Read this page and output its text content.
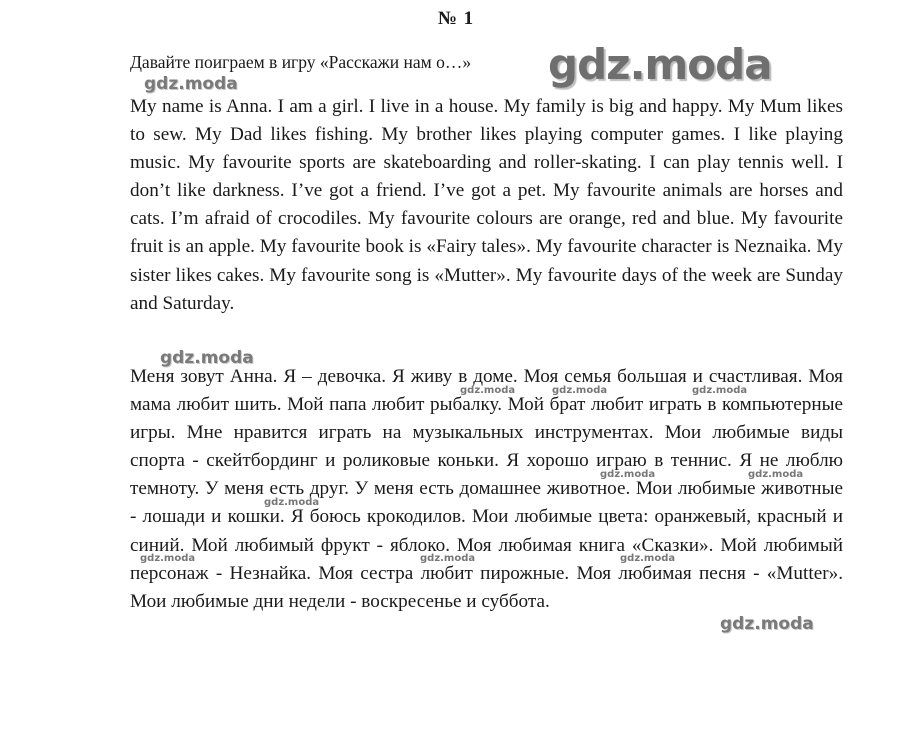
№ 1
Давайте поиграем в игру «Расскажи нам о…»
My name is Anna. I am a girl. I live in a house. My family is big and happy. My Mum likes to sew. My Dad likes fishing. My brother likes playing computer games. I like playing music. My favourite sports are skateboarding and roller-skating. I can play tennis well. I don’t like darkness. I’ve got a friend. I’ve got a pet. My favourite animals are horses and cats. I’m afraid of crocodiles. My favourite colours are orange, red and blue. My favourite fruit is an apple. My favourite book is «Fairy tales». My favourite character is Neznaika. My sister likes cakes. My favourite song is «Mutter». My favourite days of the week are Sunday and Saturday.
Меня зовут Анна. Я – девочка. Я живу в доме. Моя семья большая и счастливая. Моя мама любит шить. Мой папа любит рыбалку. Мой брат любит играть в компьютерные игры. Мне нравится играть на музыкальных инструментах. Мои любимые виды спорта - скейтбординг и роликовые коньки. Я хорошо играю в теннис. Я не люблю темноту. У меня есть друг. У меня есть домашнее животное. Мои любимые животные - лошади и кошки. Я боюсь крокодилов. Мои любимые цвета: оранжевый, красный и синий. Мой любимый фрукт - яблоко. Моя любимая книга «Сказки». Мой любимый персонаж - Незнайка. Моя сестра любит пирожные. Моя любимая песня - «Mutter». Мои любимые дни недели - воскресенье и суббота.
gdz.moda
gdz.moda
gdz.moda
gdz.moda
gdz.moda	gdz.moda	gdz.moda
gdz.moda	gdz.moda
gdz.moda
gdz.moda	gdz.moda	gdz.moda
